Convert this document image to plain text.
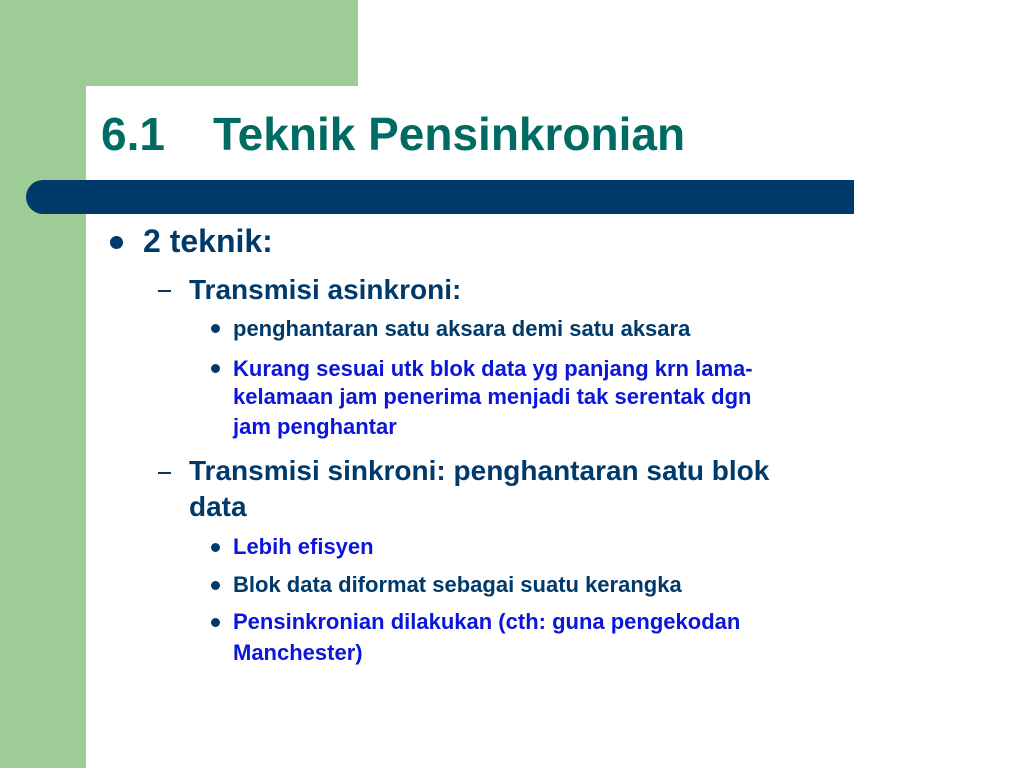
6.1 Teknik Pensinkronian
2 teknik:
Transmisi asinkroni:
penghantaran satu aksara demi satu aksara
Kurang sesuai utk blok data yg panjang krn lama-
kelamaan jam penerima menjadi tak serentak dgn
jam penghantar
Transmisi sinkroni: penghantaran satu blok
data
Lebih efisyen
Blok data diformat sebagai suatu kerangka
Pensinkronian dilakukan (cth: guna pengekodan
Manchester)
